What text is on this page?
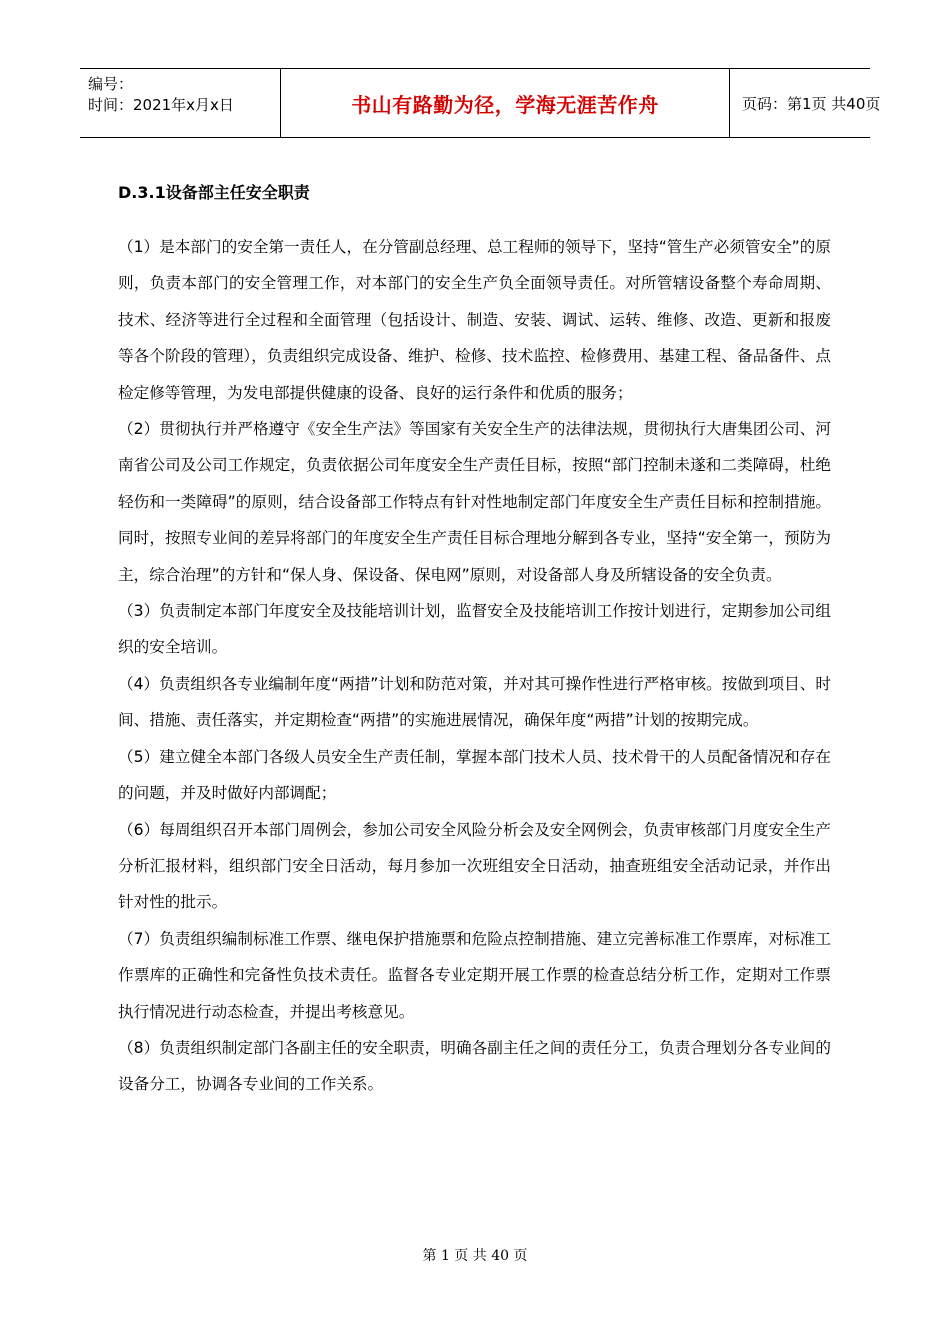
编号：
时间：2021年x月x日	书山有路勤为径，学海无涯苦作舟	页码：第1页 共40页
D.3.1设备部主任安全职责

（1）是本部门的安全第一责任人，在分管副总经理、总工程师的领导下，坚持“管生产必须管安全”的原则，负责本部门的安全管理工作，对本部门的安全生产负全面领导责任。对所管辖设备整个寿命周期、技术、经济等进行全过程和全面管理（包括设计、制造、安装、调试、运转、维修、改造、更新和报废等各个阶段的管理），负责组织完成设备、维护、检修、技术监控、检修费用、基建工程、备品备件、点检定修等管理，为发电部提供健康的设备、良好的运行条件和优质的服务；

（2）贯彻执行并严格遵守《安全生产法》等国家有关安全生产的法律法规，贯彻执行大唐集团公司、河南省公司及公司工作规定，负责依据公司年度安全生产责任目标，按照“部门控制未遂和二类障碍，杜绝轻伤和一类障碍”的原则，结合设备部工作特点有针对性地制定部门年度安全生产责任目标和控制措施。同时，按照专业间的差异将部门的年度安全生产责任目标合理地分解到各专业，坚持“安全第一，预防为主，综合治理”的方针和“保人身、保设备、保电网”原则，对设备部人身及所辖设备的安全负责。

（3）负责制定本部门年度安全及技能培训计划，监督安全及技能培训工作按计划进行，定期参加公司组织的安全培训。

（4）负责组织各专业编制年度“两措”计划和防范对策，并对其可操作性进行严格审核。按做到项目、时间、措施、责任落实，并定期检查“两措”的实施进展情况，确保年度“两措”计划的按期完成。

（5）建立健全本部门各级人员安全生产责任制，掌握本部门技术人员、技术骨干的人员配备情况和存在的问题，并及时做好内部调配；

（6）每周组织召开本部门周例会，参加公司安全风险分析会及安全网例会，负责审核部门月度安全生产分析汇报材料，组织部门安全日活动，每月参加一次班组安全日活动，抽查班组安全活动记录，并作出针对性的批示。

（7）负责组织编制标准工作票、继电保护措施票和危险点控制措施、建立完善标准工作票库，对标准工作票库的正确性和完备性负技术责任。监督各专业定期开展工作票的检查总结分析工作，定期对工作票执行情况进行动态检查，并提出考核意见。

（8）负责组织制定部门各副主任的安全职责，明确各副主任之间的责任分工，负责合理划分各专业间的设备分工，协调各专业间的工作关系。

第 1 页 共 40 页
